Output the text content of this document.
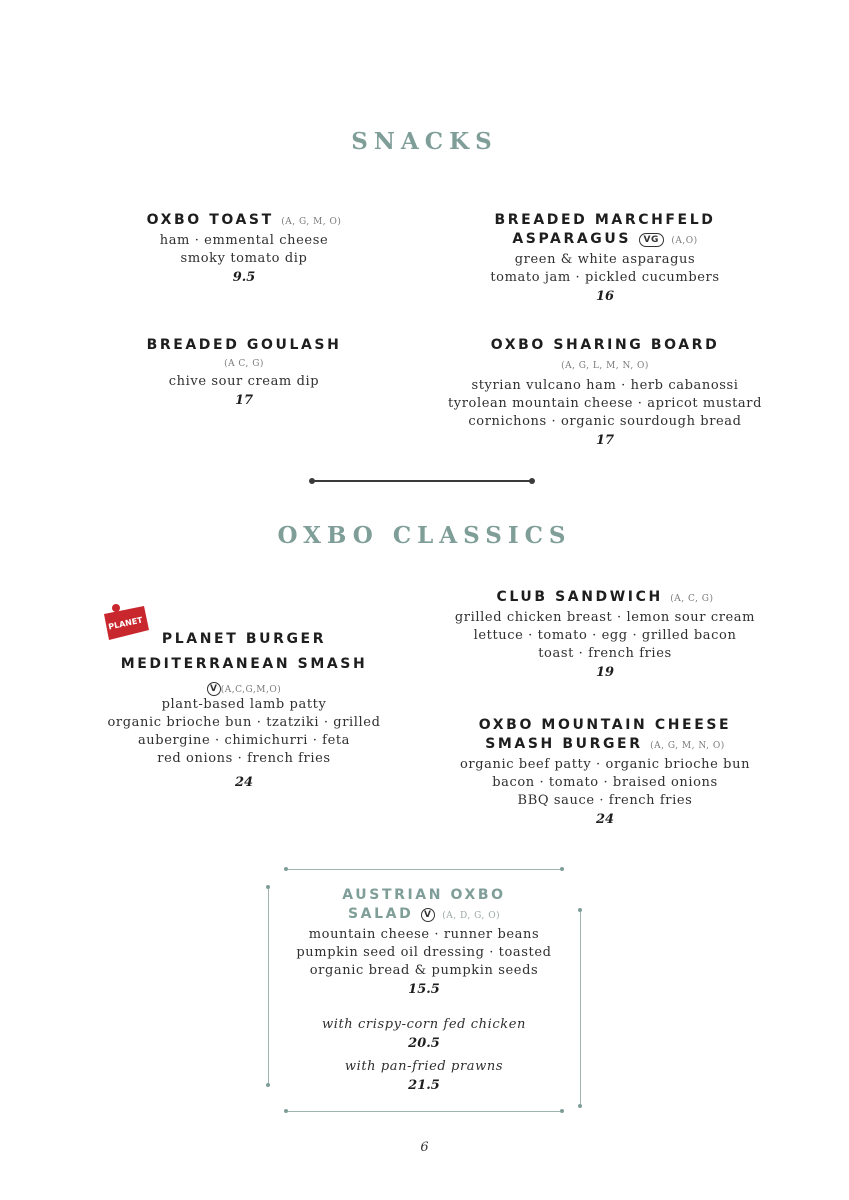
SNACKS
OXBO TOAST (A, G, M, O)
ham · emmental cheese
smoky tomato dip
9.5
BREADED MARCHFELD
ASPARAGUS VG (A,O)
green & white asparagus
tomato jam · pickled cucumbers
16
BREADED GOULASH
(A C, G)
chive sour cream dip
17
OXBO SHARING BOARD
(A, G, L, M, N, O)
styrian vulcano ham · herb cabanossi
tyrolean mountain cheese · apricot mustard
cornichons · organic sourdough bread
17
OXBO CLASSICS
PLANET
PLANET BURGER
MEDITERRANEAN SMASH
V (A,C,G,M,O)
plant-based lamb patty
organic brioche bun · tzatziki · grilled
aubergine · chimichurri · feta
red onions · french fries
24
CLUB SANDWICH (A, C, G)
grilled chicken breast · lemon sour cream
lettuce · tomato · egg · grilled bacon
toast · french fries
19
OXBO MOUNTAIN CHEESE
SMASH BURGER (A, G, M, N, O)
organic beef patty · organic brioche bun
bacon · tomato · braised onions
BBQ sauce · french fries
24
AUSTRIAN OXBO
SALAD V (A, D, G, O)
mountain cheese · runner beans
pumpkin seed oil dressing · toasted
organic bread & pumpkin seeds
15.5
with crispy-corn fed chicken
20.5
with pan-fried prawns
21.5
6
